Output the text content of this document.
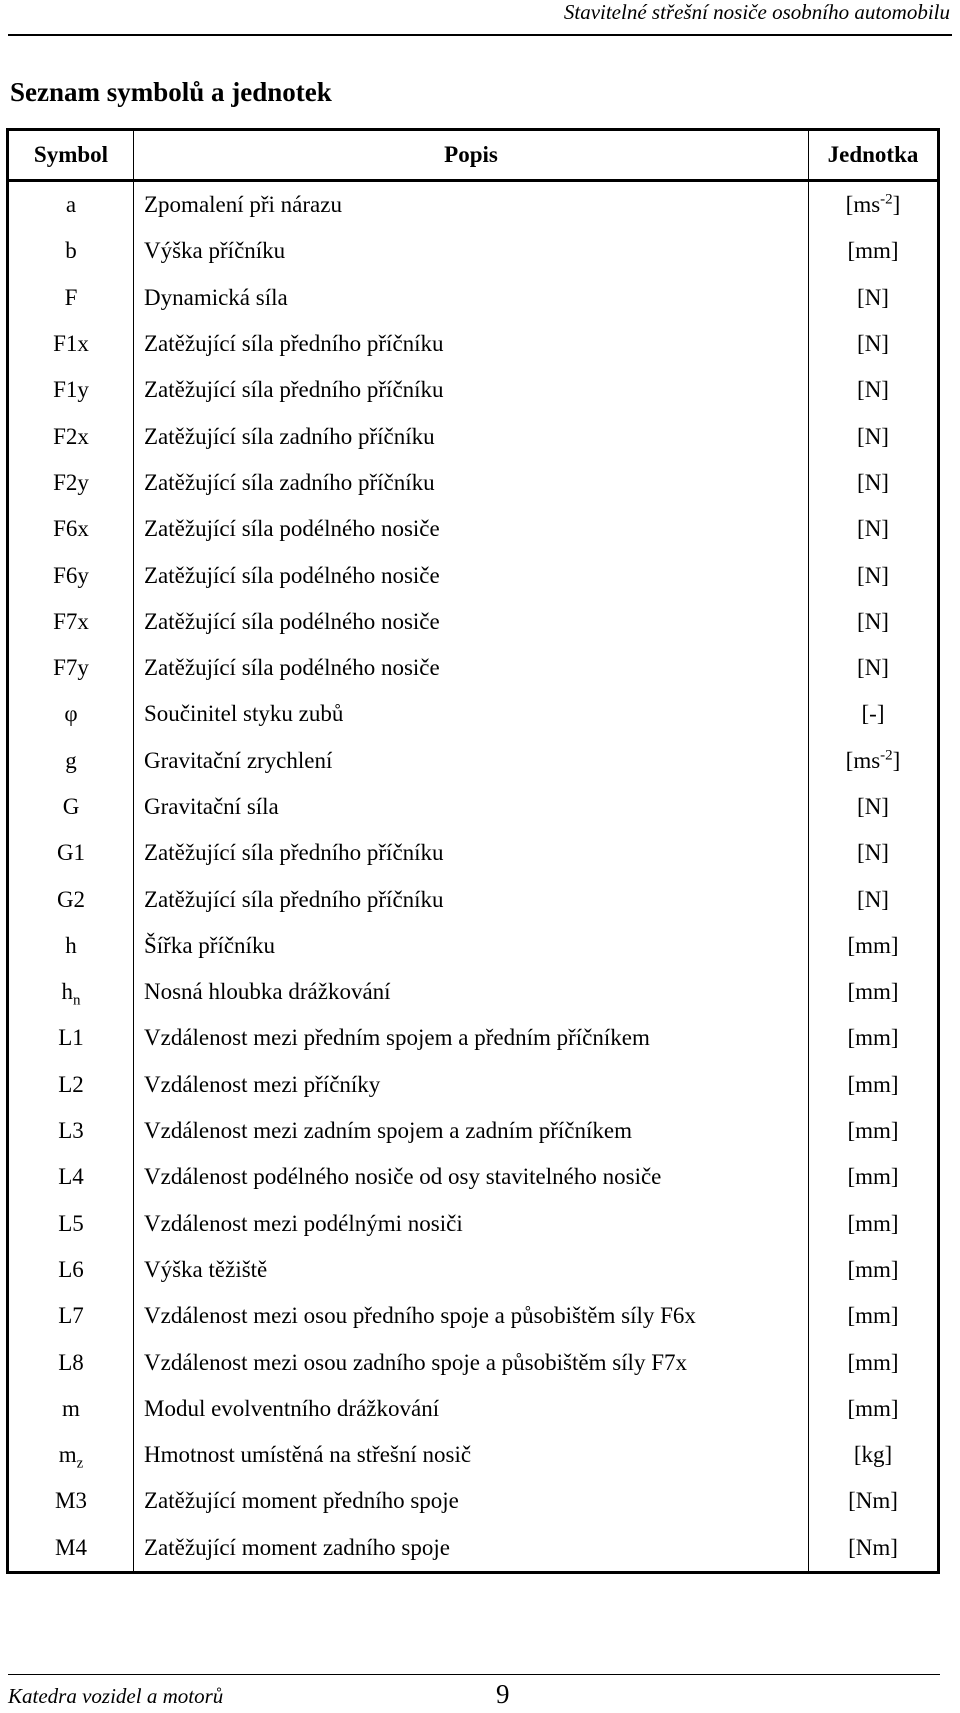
Stavitelné střešní nosiče osobního automobilu
Seznam symbolů a jednotek
Symbol	Popis	Jednotka
a	Zpomalení při nárazu	$[ms^{-2}]$
b	Výška příčníku	[mm]
F	Dynamická síla	[N]
F1x	Zatěžující síla předního příčníku	[N]
F1y	Zatěžující síla předního příčníku	[N]
F2x	Zatěžující síla zadního příčníku	[N]
F2y	Zatěžující síla zadního příčníku	[N]
F6x	Zatěžující síla podélného nosiče	[N]
F6y	Zatěžující síla podélného nosiče	[N]
F7x	Zatěžující síla podélného nosiče	[N]
F7y	Zatěžující síla podélného nosiče	[N]
φ	Součinitel styku zubů	[-]
g	Gravitační zrychlení	$[ms^{-2}]$
G	Gravitační síla	[N]
G1	Zatěžující síla předního příčníku	[N]
G2	Zatěžující síla předního příčníku	[N]
h	Šířka příčníku	[mm]
$h_n$	Nosná hloubka drážkování	[mm]
L1	Vzdálenost mezi předním spojem a předním příčníkem	[mm]
L2	Vzdálenost mezi příčníky	[mm]
L3	Vzdálenost mezi zadním spojem a zadním příčníkem	[mm]
L4	Vzdálenost podélného nosiče od osy stavitelného nosiče	[mm]
L5	Vzdálenost mezi podélnými nosiči	[mm]
L6	Výška těžiště	[mm]
L7	Vzdálenost mezi osou předního spoje a působištěm síly F6x	[mm]
L8	Vzdálenost mezi osou zadního spoje a působištěm síly F7x	[mm]
m	Modul evolventního drážkování	[mm]
$m_z$	Hmotnost umístěná na střešní nosič	[kg]
M3	Zatěžující moment předního spoje	[Nm]
M4	Zatěžující moment zadního spoje	[Nm]
Katedra vozidel a motorů	9
